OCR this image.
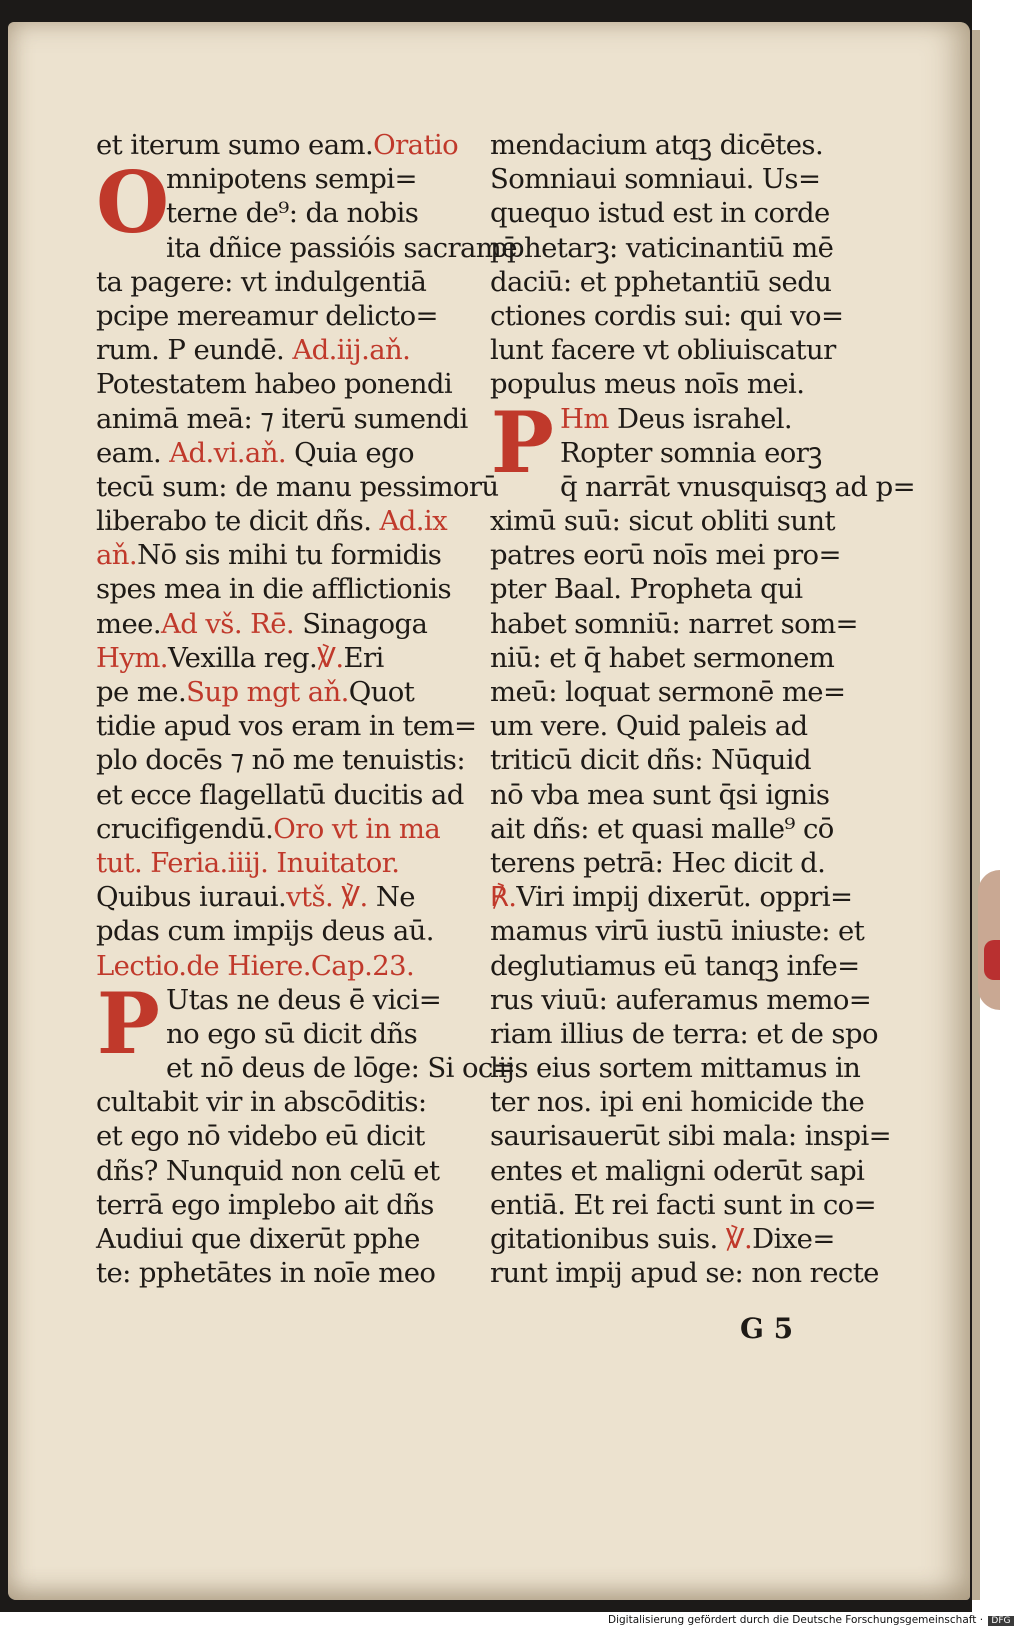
et iterum sumo eam.Oratio
O
mnipotens sempi=
terne de⁹: da nobis
ita dñice passióis sacramē
ta pagere: vt indulgentiā
pcipe mereamur delicto=
rum. P eundē. Ad.iij.aň.
Potestatem habeo ponendi
animā meā: ⁊ iterū sumendi
eam. Ad.vi.aň. Quia ego
tecū sum: de manu pessimorū
liberabo te dicit dñs. Ad.ix
aň.Nō sis mihi tu formidis
spes mea in die afflictionis
mee.Ad vš. Rē. Sinagoga
Hym.Vexilla reg.℣.Eri
pe me.Sup mgt aň.Quot
tidie apud vos eram in tem=
plo docēs ⁊ nō me tenuistis:
et ecce flagellatū ducitis ad
crucifigendū.Oro vt in ma
tut. Feria.iiij. Inuitator.
Quibus iuraui.vtš. ℣. Ne
pdas cum impijs deus aū.
Lectio.de Hiere.Cap.23.
P Utas ne deus ē vici=
no ego sū dicit dñs
et nō deus de lōge: Si oc=
cultabit vir in abscōditis:
et ego nō videbo eū dicit
dñs? Nunquid non celū et
terrā ego implebo ait dñs
Audiui que dixerūt pphe
te: pphetātes in noīe meo
mendacium atqꝫ dicētes.
Somniaui somniaui. Us=
quequo istud est in corde
pphetarꝫ: vaticinantiū mē
daciū: et pphetantiū sedu
ctiones cordis sui: qui vo=
lunt facere vt obliuiscatur
populus meus noīs mei.
P Hm Deus israhel.
Ropter somnia eorꝫ
q̄ narrāt vnusquisqꝫ ad p=
ximū suū: sicut obliti sunt
patres eorū noīs mei pro=
pter Baal. Propheta qui
habet somniū: narret som=
niū: et q̄ habet sermonem
meū: loquat sermonē me=
um vere. Quid paleis ad
triticū dicit dñs: Nūquid
nō vba mea sunt q̄si ignis
ait dñs: et quasi malle⁹ cō
terens petrā: Hec dicit d.
℟.Viri impij dixerūt. oppri=
mamus virū iustū iniuste: et
deglutiamus eū tanqꝫ infe=
rus viuū: auferamus memo=
riam illius de terra: et de spo
lijs eius sortem mittamus in
ter nos. ipi eni homicide the
saurisauerūt sibi mala: inspi=
entes et maligni oderūt sapi
entiā. Et rei facti sunt in co=
gitationibus suis. ℣.Dixe=
runt impij apud se: non recte
G 5
Digitalisierung gefördert durch die Deutsche Forschungsgemeinschaft · DFG
